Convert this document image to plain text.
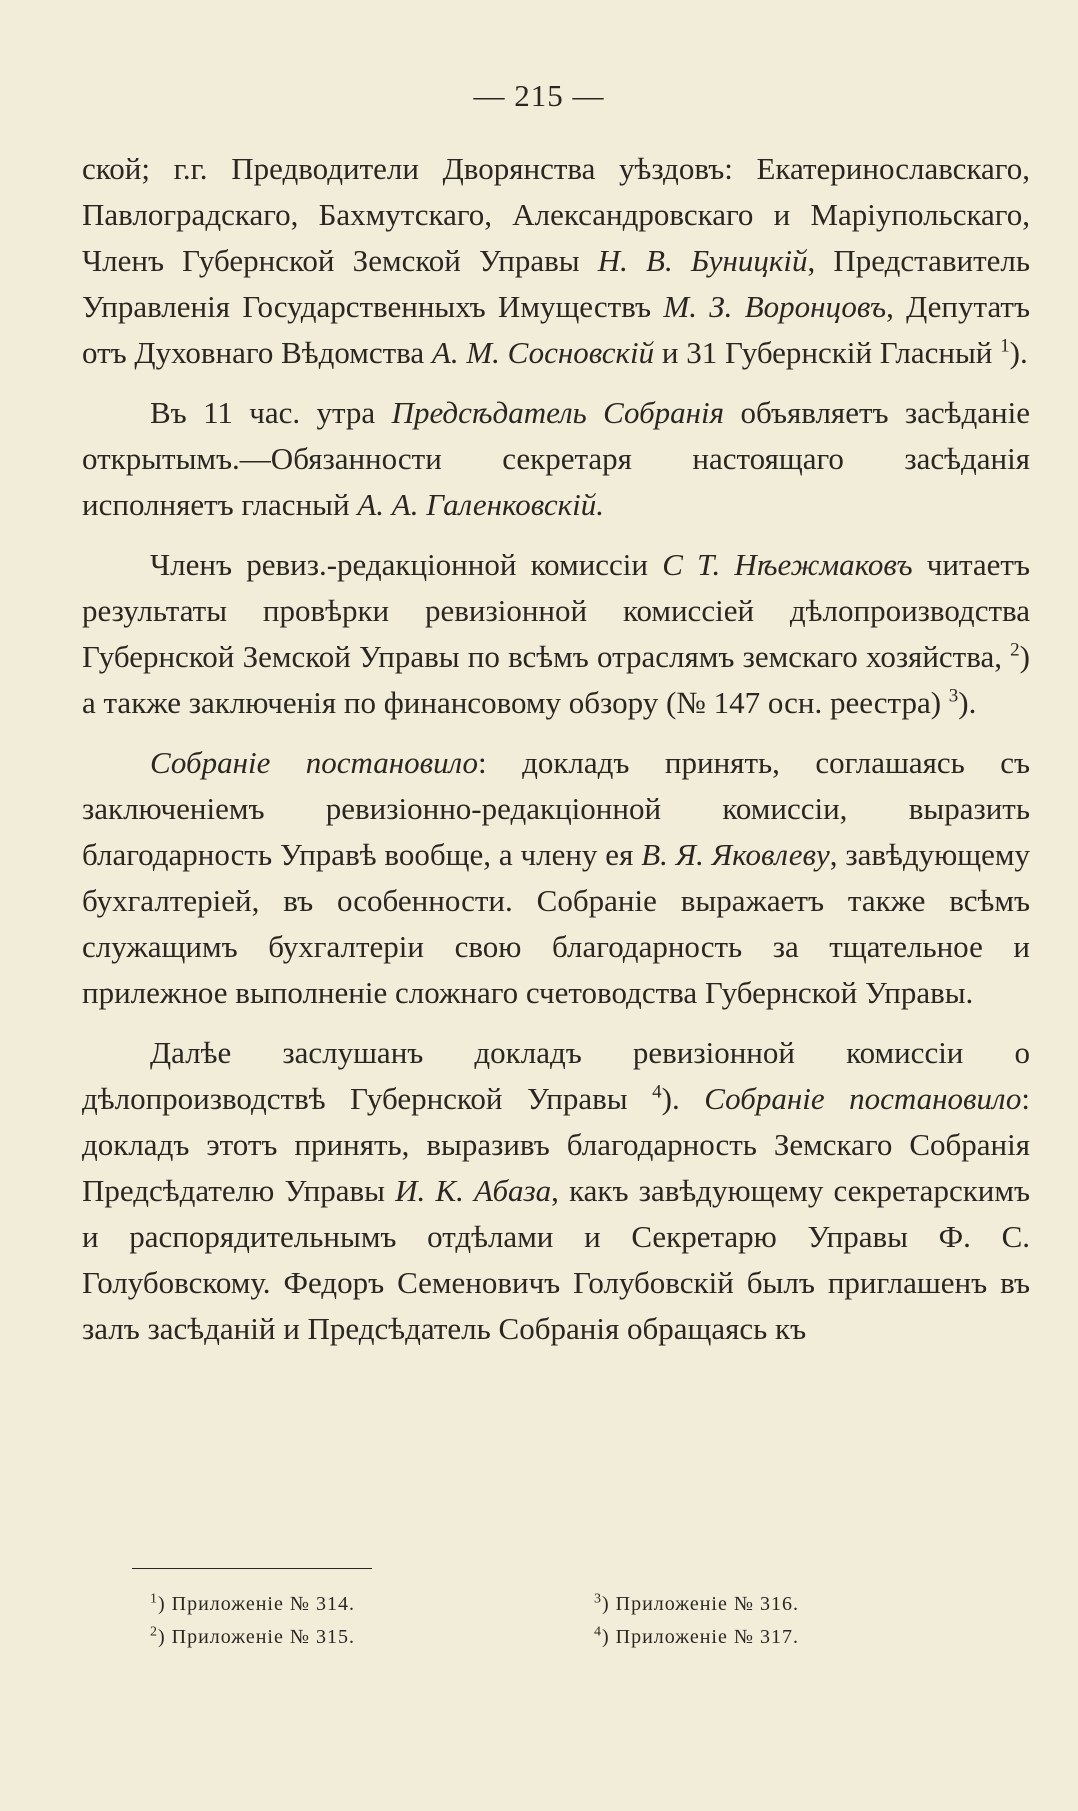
— 215 —

ской; г.г. Предводители Дворянства уѣздовъ: Екатеринославскаго, Павлоградскаго, Бахмутскаго, Александровскаго и Маріупольскаго, Членъ Губернской Земской Управы Н. В. Буницкій, Представитель Управленія Государственныхъ Имуществъ М. З. Воронцовъ, Депутатъ отъ Духовнаго Вѣдомства А. М. Сосновскій и 31 Губернскій Гласный $^1$).

Въ 11 час. утра Предсѣдатель Собранія объявляетъ засѣданіе открытымъ.—Обязанности секретаря настоящаго засѣданія исполняетъ гласный А. А. Галенковскій.

Членъ ревиз.-редакціонной комиссіи С Т. Нѣежмаковъ читаетъ результаты провѣрки ревизіонной комиссіей дѣлопроизводства Губернской Земской Управы по всѣмъ отраслямъ земскаго хозяйства, $^2$) а также заключенія по финансовому обзору (№ 147 осн. реестра) $^3$).

Собраніе постановило: докладъ принять, соглашаясь съ заключеніемъ ревизіонно-редакціонной комиссіи, выразить благодарность Управѣ вообще, а члену ея В. Я. Яковлеву, завѣдующему бухгалтеріей, въ особенности. Собраніе выражаетъ также всѣмъ служащимъ бухгалтеріи свою благодарность за тщательное и прилежное выполненіе сложнаго счетоводства Губернской Управы.

Далѣе заслушанъ докладъ ревизіонной комиссіи о дѣлопроизводствѣ Губернской Управы $^4$). Собраніе постановило: докладъ этотъ принять, выразивъ благодарность Земскаго Собранія Предсѣдателю Управы И. К. Абаза, какъ завѣдующему секретарскимъ и распорядительнымъ отдѣлами и Секретарю Управы Ф. С. Голубовскому. Федоръ Семеновичъ Голубовскій былъ приглашенъ въ залъ засѣданій и Предсѣдатель Собранія обращаясь къ

$^1$) Приложеніе № 314.	$^3$) Приложеніе № 316.
$^2$) Приложеніе № 315.	$^4$) Приложеніе № 317.
